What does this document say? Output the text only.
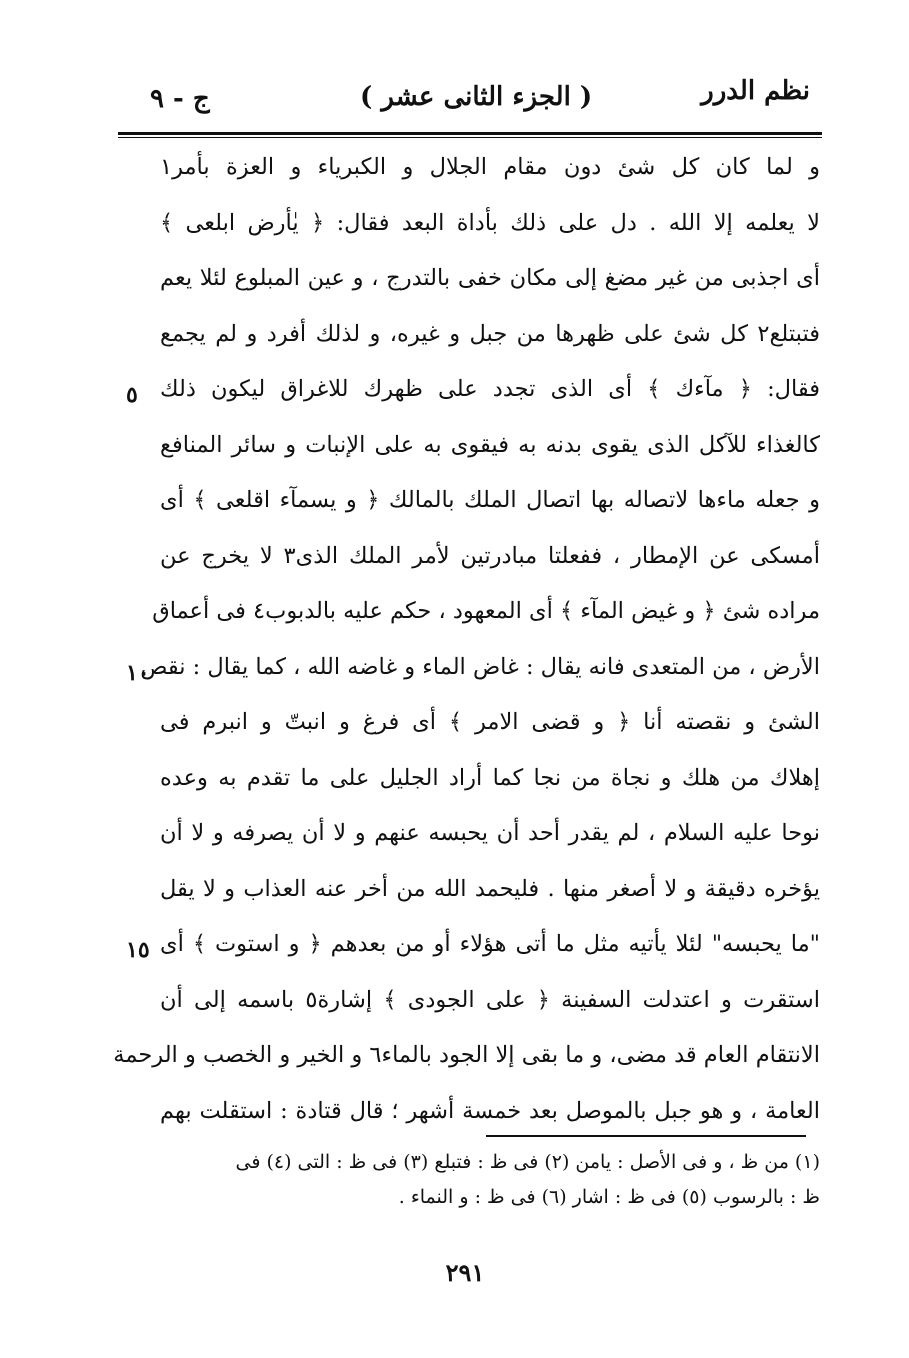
ج - ٩	( الجزء الثانى عشر )	نظم الدرر
و لما كان كل شئ دون مقام الجلال و الكبرياء و العزة بأمر١
لا يعلمه إلا الله . دل على ذلك بأداة البعد فقال: ﴿ يٰأرض ابلعى ﴾
أى اجذبى من غير مضغ إلى مكان خفى بالتدرج ، و عين المبلوع لئلا يعم
فتبتلع٢ كل شئ على ظهرها من جبل و غيره، و لذلك أفرد و لم يجمع
فقال: ﴿ مآءك ﴾ أى الذى تجدد على ظهرك للاغراق ليكون ذلك
كالغذاء للآكل الذى يقوى بدنه به فيقوى به على الإنبات و سائر المنافع
و جعله ماءها لاتصاله بها اتصال الملك بالمالك ﴿ و يسمآء اقلعى ﴾ أى
أمسكى عن الإمطار ، ففعلتا مبادرتين لأمر الملك الذى٣ لا يخرج عن
مراده شئ ﴿ و غيض المآء ﴾ أى المعهود ، حكم عليه بالدبوب٤ فى أعماق
الأرض ، من المتعدى فانه يقال : غاض الماء و غاضه الله ، كما يقال : نقص
الشئ و نقصته أنا ﴿ و قضى الامر ﴾ أى فرغ و انبتّ و انبرم فى
إهلاك من هلك و نجاة من نجا كما أراد الجليل على ما تقدم به وعده
نوحا عليه السلام ، لم يقدر أحد أن يحبسه عنهم و لا أن يصرفه و لا أن
يؤخره دقيقة و لا أصغر منها . فليحمد الله من أخر عنه العذاب و لا يقل
"ما يحبسه" لئلا يأتيه مثل ما أتى هؤلاء أو من بعدهم ﴿ و استوت ﴾ أى
استقرت و اعتدلت السفينة ﴿ على الجودى ﴾ إشارة٥ باسمه إلى أن
الانتقام العام قد مضى، و ما بقى إلا الجود بالماء٦ و الخير و الخصب و الرحمة
العامة ، و هو جبل بالموصل بعد خمسة أشهر ؛ قال قتادة : استقلت بهم
٥
١٠
١٥
(١) من ظ ، و فى الأصل : يامن (٢) فى ظ : فتبلع (٣) فى ظ : التى (٤) فى
ظ : بالرسوب (٥) فى ظ : اشار (٦) فى ظ : و النماء .
٢٩١
